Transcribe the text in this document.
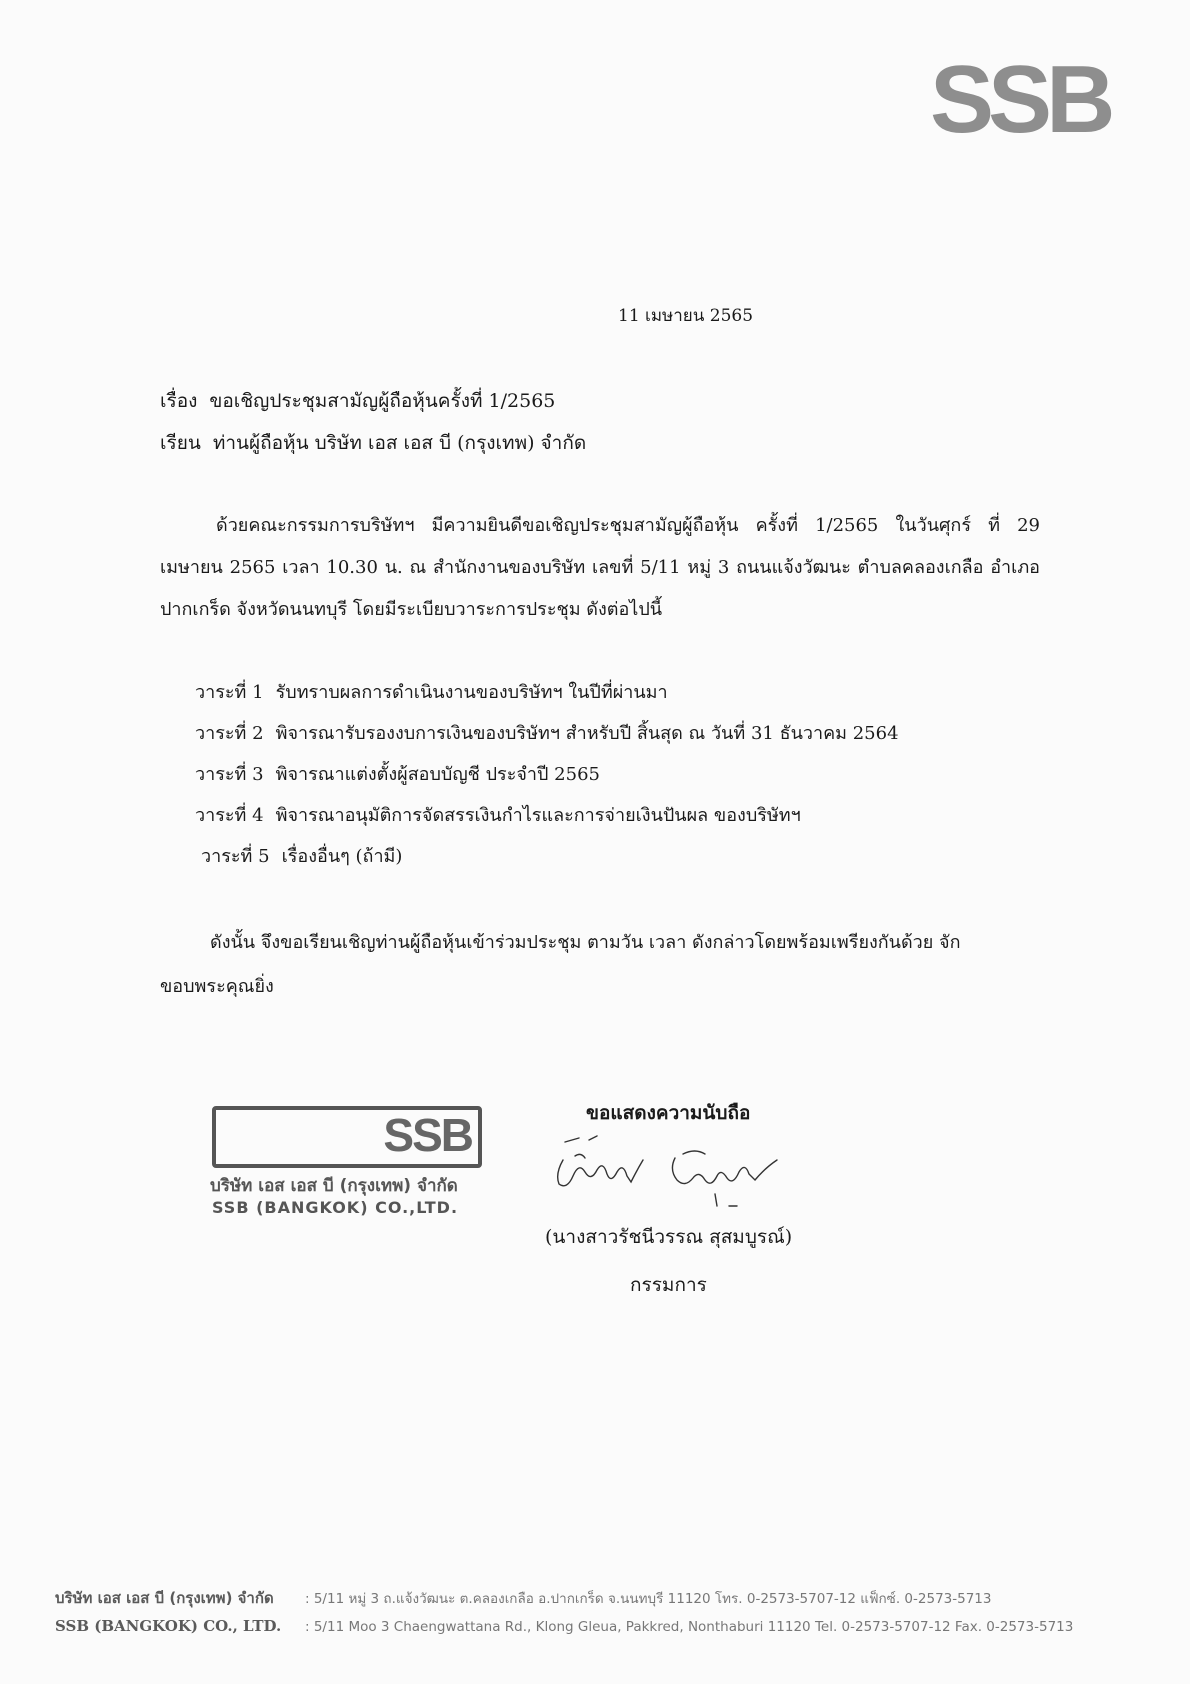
SSB
11 เมษายน 2565
เรื่อง ขอเชิญประชุมสามัญผู้ถือหุ้นครั้งที่ 1/2565
เรียน ท่านผู้ถือหุ้น บริษัท เอส เอส บี (กรุงเทพ) จำกัด
ด้วยคณะกรรมการบริษัทฯ มีความยินดีขอเชิญประชุมสามัญผู้ถือหุ้น ครั้งที่ 1/2565 ในวันศุกร์ ที่ 29 เมษายน 2565 เวลา 10.30 น. ณ สำนักงานของบริษัท เลขที่ 5/11 หมู่ 3 ถนนแจ้งวัฒนะ ตำบลคลองเกลือ อำเภอปากเกร็ด จังหวัดนนทบุรี โดยมีระเบียบวาระการประชุม ดังต่อไปนี้
วาระที่ 1 รับทราบผลการดำเนินงานของบริษัทฯ ในปีที่ผ่านมา
วาระที่ 2 พิจารณารับรองงบการเงินของบริษัทฯ สำหรับปี สิ้นสุด ณ วันที่ 31 ธันวาคม 2564
วาระที่ 3 พิจารณาแต่งตั้งผู้สอบบัญชี ประจำปี 2565
วาระที่ 4 พิจารณาอนุมัติการจัดสรรเงินกำไรและการจ่ายเงินปันผล ของบริษัทฯ
วาระที่ 5 เรื่องอื่นๆ (ถ้ามี)
ดังนั้น จึงขอเรียนเชิญท่านผู้ถือหุ้นเข้าร่วมประชุม ตามวัน เวลา ดังกล่าวโดยพร้อมเพรียงกันด้วย จักขอบพระคุณยิ่ง
SSB
บริษัท เอส เอส บี (กรุงเทพ) จำกัด
SSB (BANGKOK) CO.,LTD.
ขอแสดงความนับถือ
(นางสาวรัชนีวรรณ สุสมบูรณ์)
กรรมการ
บริษัท เอส เอส บี (กรุงเทพ) จำกัด : 5/11 หมู่ 3 ถ.แจ้งวัฒนะ ต.คลองเกลือ อ.ปากเกร็ด จ.นนทบุรี 11120 โทร. 0-2573-5707-12 แฟ็กซ์. 0-2573-5713
SSB (BANGKOK) CO., LTD. : 5/11 Moo 3 Chaengwattana Rd., Klong Gleua, Pakkred, Nonthaburi 11120 Tel. 0-2573-5707-12 Fax. 0-2573-5713
